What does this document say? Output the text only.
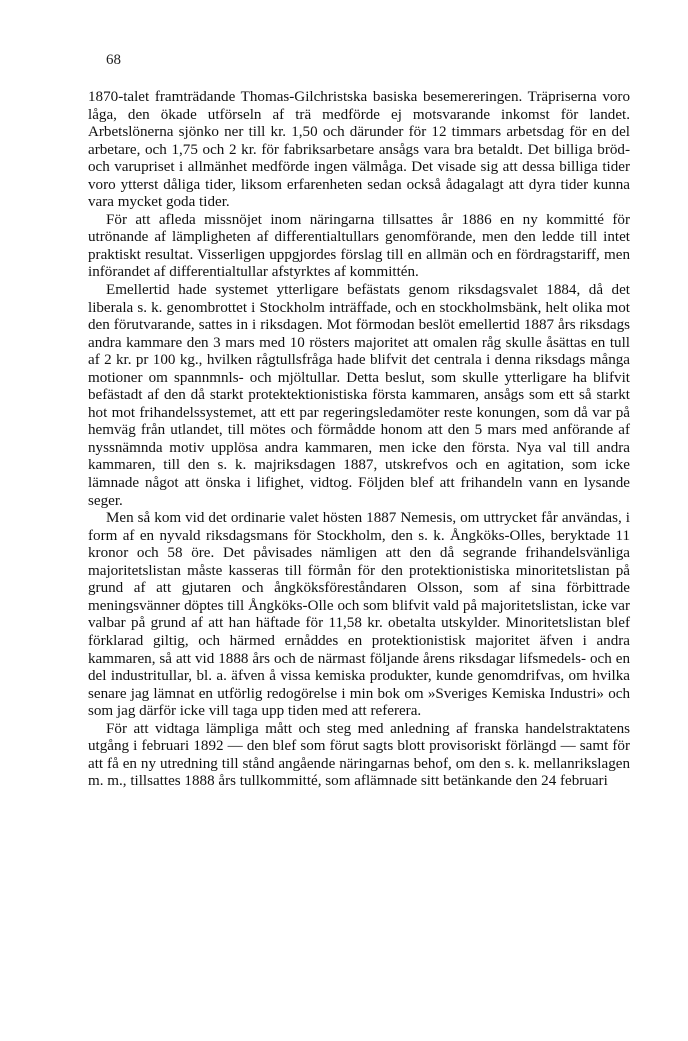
68

1870-talet framträdande Thomas-Gilchristska basiska besemereringen. Träpriserna voro låga, den ökade utförseln af trä medförde ej motsvarande inkomst för landet. Arbetslönerna sjönko ner till kr. 1,50 och därunder för 12 timmars arbetsdag för en del arbetare, och 1,75 och 2 kr. för fabriksarbetare ansågs vara bra betaldt. Det billiga bröd- och varupriset i allmänhet medförde ingen välmåga. Det visade sig att dessa billiga tider voro ytterst dåliga tider, liksom erfarenheten sedan också ådagalagt att dyra tider kunna vara mycket goda tider.

För att afleda missnöjet inom näringarna tillsattes år 1886 en ny kommitté för utrönande af lämpligheten af differentialtullars genomförande, men den ledde till intet praktiskt resultat. Visserligen uppgjordes förslag till en allmän och en fördragstariff, men införandet af differentialtullar afstyrktes af kommittén.

Emellertid hade systemet ytterligare befästats genom riksdagsvalet 1884, då det liberala s. k. genombrottet i Stockholm inträffade, och en stockholmsbänk, helt olika mot den förutvarande, sattes in i riksdagen. Mot förmodan beslöt emellertid 1887 års riksdags andra kammare den 3 mars med 10 rösters majoritet att omalen råg skulle åsättas en tull af 2 kr. pr 100 kg., hvilken rågtullsfråga hade blifvit det centrala i denna riksdags många motioner om spannmnls- och mjöltullar. Detta beslut, som skulle ytterligare ha blifvit befästadt af den då starkt protektektionistiska första kammaren, ansågs som ett så starkt hot mot frihandelssystemet, att ett par regeringsledamöter reste konungen, som då var på hemväg från utlandet, till mötes och förmådde honom att den 5 mars med anförande af nyssnämnda motiv upplösa andra kammaren, men icke den första. Nya val till andra kammaren, till den s. k. majriksdagen 1887, utskrefvos och en agitation, som icke lämnade något att önska i lifighet, vidtog. Följden blef att frihandeln vann en lysande seger.

Men så kom vid det ordinarie valet hösten 1887 Nemesis, om uttrycket får användas, i form af en nyvald riksdagsmans för Stockholm, den s. k. Ångköks-Olles, beryktade 11 kronor och 58 öre. Det påvisades nämligen att den då segrande frihandelsvänliga majoritetslistan måste kasseras till förmån för den protektionistiska minoritetslistan på grund af att gjutaren och ångköksföreståndaren Olsson, som af sina förbittrade meningsvänner döptes till Ångköks-Olle och som blifvit vald på majoritetslistan, icke var valbar på grund af att han häftade för 11,58 kr. obetalta utskylder. Minoritetslistan blef förklarad giltig, och härmed ernåddes en protektionistisk majoritet äfven i andra kammaren, så att vid 1888 års och de närmast följande årens riksdagar lifsmedels- och en del industritullar, bl. a. äfven å vissa kemiska produkter, kunde genomdrifvas, om hvilka senare jag lämnat en utförlig redogörelse i min bok om »Sveriges Kemiska Industri» och som jag därför icke vill taga upp tiden med att referera.

För att vidtaga lämpliga mått och steg med anledning af franska handelstraktatens utgång i februari 1892 — den blef som förut sagts blott provisoriskt förlängd — samt för att få en ny utredning till stånd angående näringarnas behof, om den s. k. mellanrikslagen m. m., tillsattes 1888 års tullkommitté, som aflämnade sitt betänkande den 24 februari
